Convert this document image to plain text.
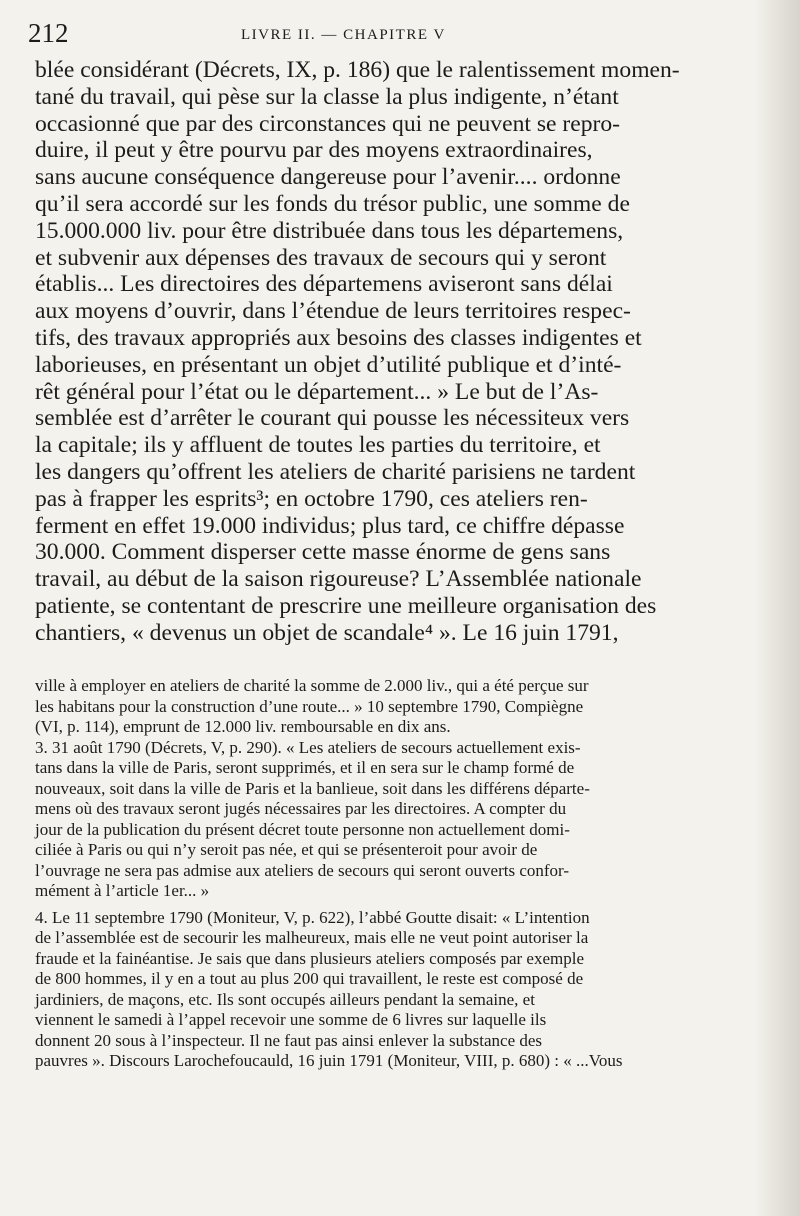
212	LIVRE II. — CHAPITRE V
blée considérant (Décrets, IX, p. 186) que le ralentissement momen-
tané du travail, qui pèse sur la classe la plus indigente, n’étant
occasionné que par des circonstances qui ne peuvent se repro-
duire, il peut y être pourvu par des moyens extraordinaires,
sans aucune conséquence dangereuse pour l’avenir.... ordonne
qu’il sera accordé sur les fonds du trésor public, une somme de
15.000.000 liv. pour être distribuée dans tous les départemens,
et subvenir aux dépenses des travaux de secours qui y seront
établis... Les directoires des départemens aviseront sans délai
aux moyens d’ouvrir, dans l’étendue de leurs territoires respec-
tifs, des travaux appropriés aux besoins des classes indigentes et
laborieuses, en présentant un objet d’utilité publique et d’inté-
rêt général pour l’état ou le département... » Le but de l’As-
semblée est d’arrêter le courant qui pousse les nécessiteux vers
la capitale; ils y affluent de toutes les parties du territoire, et
les dangers qu’offrent les ateliers de charité parisiens ne tardent
pas à frapper les esprits³; en octobre 1790, ces ateliers ren-
ferment en effet 19.000 individus; plus tard, ce chiffre dépasse
30.000. Comment disperser cette masse énorme de gens sans
travail, au début de la saison rigoureuse? L’Assemblée nationale
patiente, se contentant de prescrire une meilleure organisation des
chantiers, « devenus un objet de scandale⁴ ». Le 16 juin 1791,
ville à employer en ateliers de charité la somme de 2.000 liv., qui a été perçue sur
les habitans pour la construction d’une route... » 10 septembre 1790, Compiègne
(VI, p. 114), emprunt de 12.000 liv. remboursable en dix ans.
3. 31 août 1790 (Décrets, V, p. 290). « Les ateliers de secours actuellement exis-
tans dans la ville de Paris, seront supprimés, et il en sera sur le champ formé de
nouveaux, soit dans la ville de Paris et la banlieue, soit dans les différens départe-
mens où des travaux seront jugés nécessaires par les directoires. A compter du
jour de la publication du présent décret toute personne non actuellement domi-
ciliée à Paris ou qui n’y seroit pas née, et qui se présenteroit pour avoir de
l’ouvrage ne sera pas admise aux ateliers de secours qui seront ouverts confor-
mément à l’article 1er... »
4. Le 11 septembre 1790 (Moniteur, V, p. 622), l’abbé Goutte disait: « L’intention
de l’assemblée est de secourir les malheureux, mais elle ne veut point autoriser la
fraude et la fainéantise. Je sais que dans plusieurs ateliers composés par exemple
de 800 hommes, il y en a tout au plus 200 qui travaillent, le reste est composé de
jardiniers, de maçons, etc. Ils sont occupés ailleurs pendant la semaine, et
viennent le samedi à l’appel recevoir une somme de 6 livres sur laquelle ils
donnent 20 sous à l’inspecteur. Il ne faut pas ainsi enlever la substance des
pauvres ». Discours Larochefoucauld, 16 juin 1791 (Moniteur, VIII, p. 680) : « ...Vous
